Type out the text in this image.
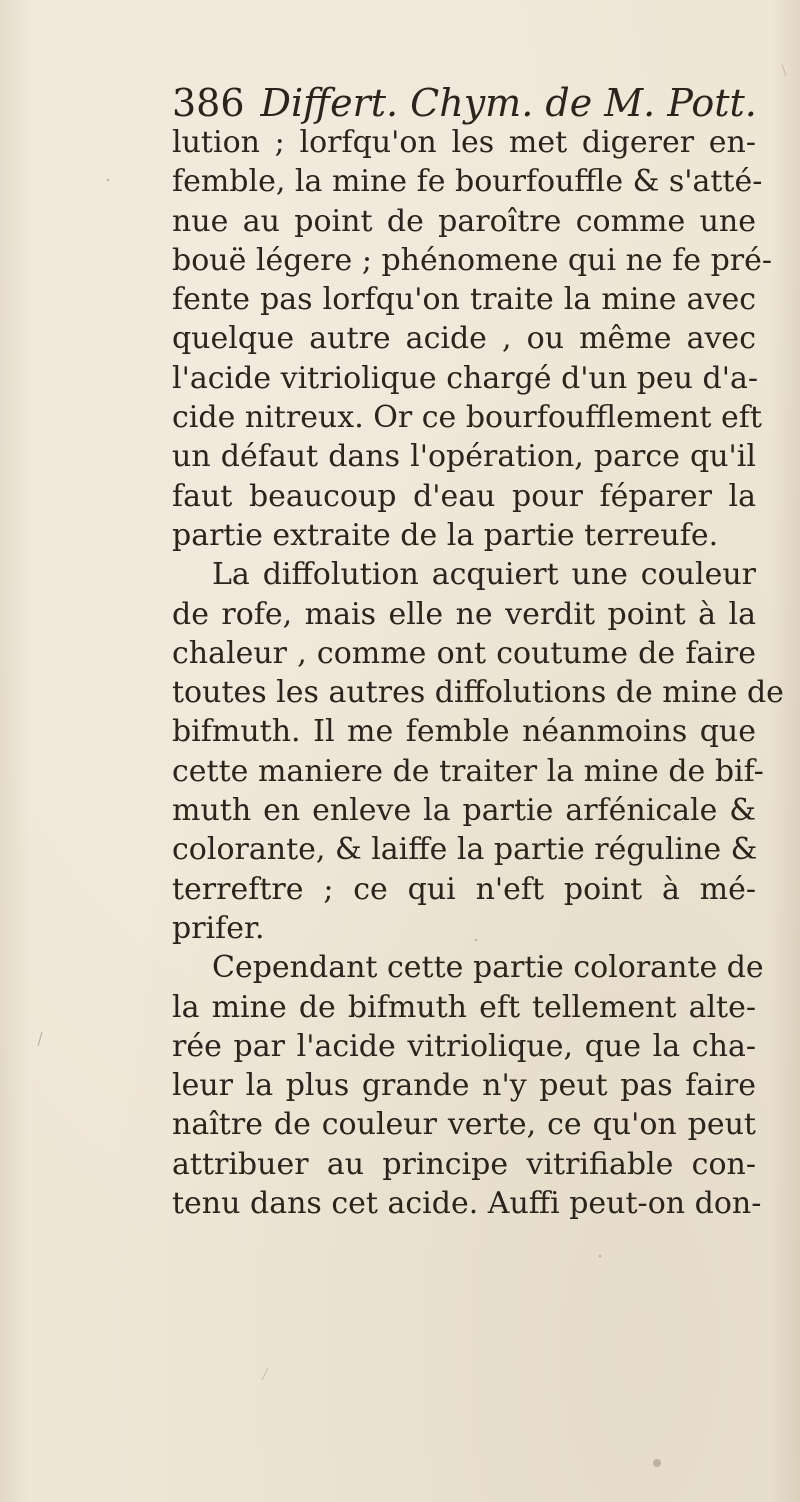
386 Differt. Chym. de M. Pott.
lution ; lorfqu'on les met digerer en-
femble, la mine fe bourfouffle & s'atté-
nue au point de paroître comme une
bouë légere ; phénomene qui ne fe pré-
fente pas lorfqu'on traite la mine avec
quelque autre acide , ou même avec
l'acide vitriolique chargé d'un peu d'a-
cide nitreux. Or ce bourfoufflement eft
un défaut dans l'opération, parce qu'il
faut beaucoup d'eau pour féparer la
partie extraite de la partie terreufe.
La diffolution acquiert une couleur
de rofe, mais elle ne verdit point à la
chaleur , comme ont coutume de faire
toutes les autres diffolutions de mine de
bifmuth. Il me femble néanmoins que
cette maniere de traiter la mine de bif-
muth en enleve la partie arfénicale &
colorante, & laiffe la partie réguline &
terreftre ; ce qui n'eft point à mé-
prifer.
Cependant cette partie colorante de
la mine de bifmuth eft tellement alte-
rée par l'acide vitriolique, que la cha-
leur la plus grande n'y peut pas faire
naître de couleur verte, ce qu'on peut
attribuer au principe vitrifiable con-
tenu dans cet acide. Auffi peut-on don-
